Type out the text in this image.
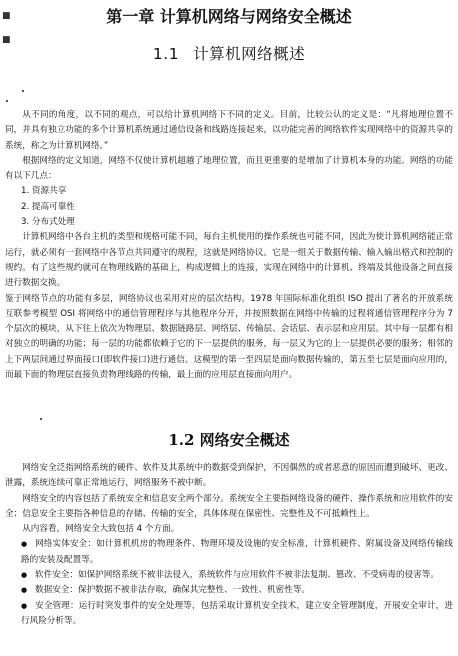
■
■
第一章 计算机网络与网络安全概述
1.1 计算机网络概述

从不同的角度，以不同的观点，可以给计算机网络下不同的定义。目前，比较公认的定义是：“凡将地理位置不同，并具有独立功能的多个计算机系统通过通信设备和线路连接起来，以功能完善的网络软件实现网络中的资源共享的系统，称之为计算机网络。”

根据网络的定义知道，网络不仅使计算机超越了地理位置，而且更重要的是增加了计算机本身的功能。网络的功能有以下几点：

1. 资源共享
2. 提高可靠性
3. 分布式处理

计算机网络中各台主机的类型和规格可能不同，每台主机使用的操作系统也可能不同，因此为使计算机网络能正常运行，就必须有一套网络中各节点共同遵守的规程，这就是网络协议。它是一组关于数据传输、输入输出格式和控制的规约。有了这些规约就可在物理线路的基础上，构成逻辑上的连接，实现在网络中的计算机、终端及其他设备之间直接进行数据交换。

鉴于网络节点的功能有多层，网络协议也采用对应的层次结构。1978 年国际标准化组织 ISO 提出了著名的开放系统互联参考模型 OSI 将网络中的通信管理程序与其他程序分开，并按照数据在网络中传输的过程将通信管理程序分为 7 个层次的模块，从下往上依次为物理层、数据链路层、网络层、传输层、会话层、表示层和应用层。其中每一层都有相对独立的明确的功能；每一层的功能都依赖于它的下一层提供的服务，每一层又为它的上一层提供必要的服务；相邻的上下两层间通过界面接口(即软件接口)进行通信。这模型的第一至四层是面向数据传输的，第五至七层是面向应用的，而最下面的物理层直接负责物理线路的传输，最上面的应用层直接面向用户。

1.2 网络安全概述

网络安全泛指网络系统的硬件、软件及其系统中的数据受到保护，不因偶然的或者恶意的原因而遭到破坏、更改、泄露，系统连续可靠正常地运行，网络服务不被中断。

网络安全的内容包括了系统安全和信息安全两个部分。系统安全主要指网络设备的硬件、操作系统和应用软件的安全；信息安全主要指各种信息的存储、传输的安全，具体体现在保密性、完整性及不可抵赖性上。

从内容看，网络安全大致包括 4 个方面。

● 网络实体安全：如计算机机房的物理条件、物理环境及设施的安全标准，计算机硬件、附属设备及网络传输线路的安装及配置等。

● 软件安全：如保护网络系统不被非法侵入，系统软件与应用软件不被非法复制、篡改、不受病毒的侵害等。

● 数据安全：保护数据不被非法存取，确保其完整性、一致性、机密性等。

● 安全管理：运行时突发事件的安全处理等，包括采取计算机安全技术，建立安全管理制度，开展安全审计，进行风险分析等。
